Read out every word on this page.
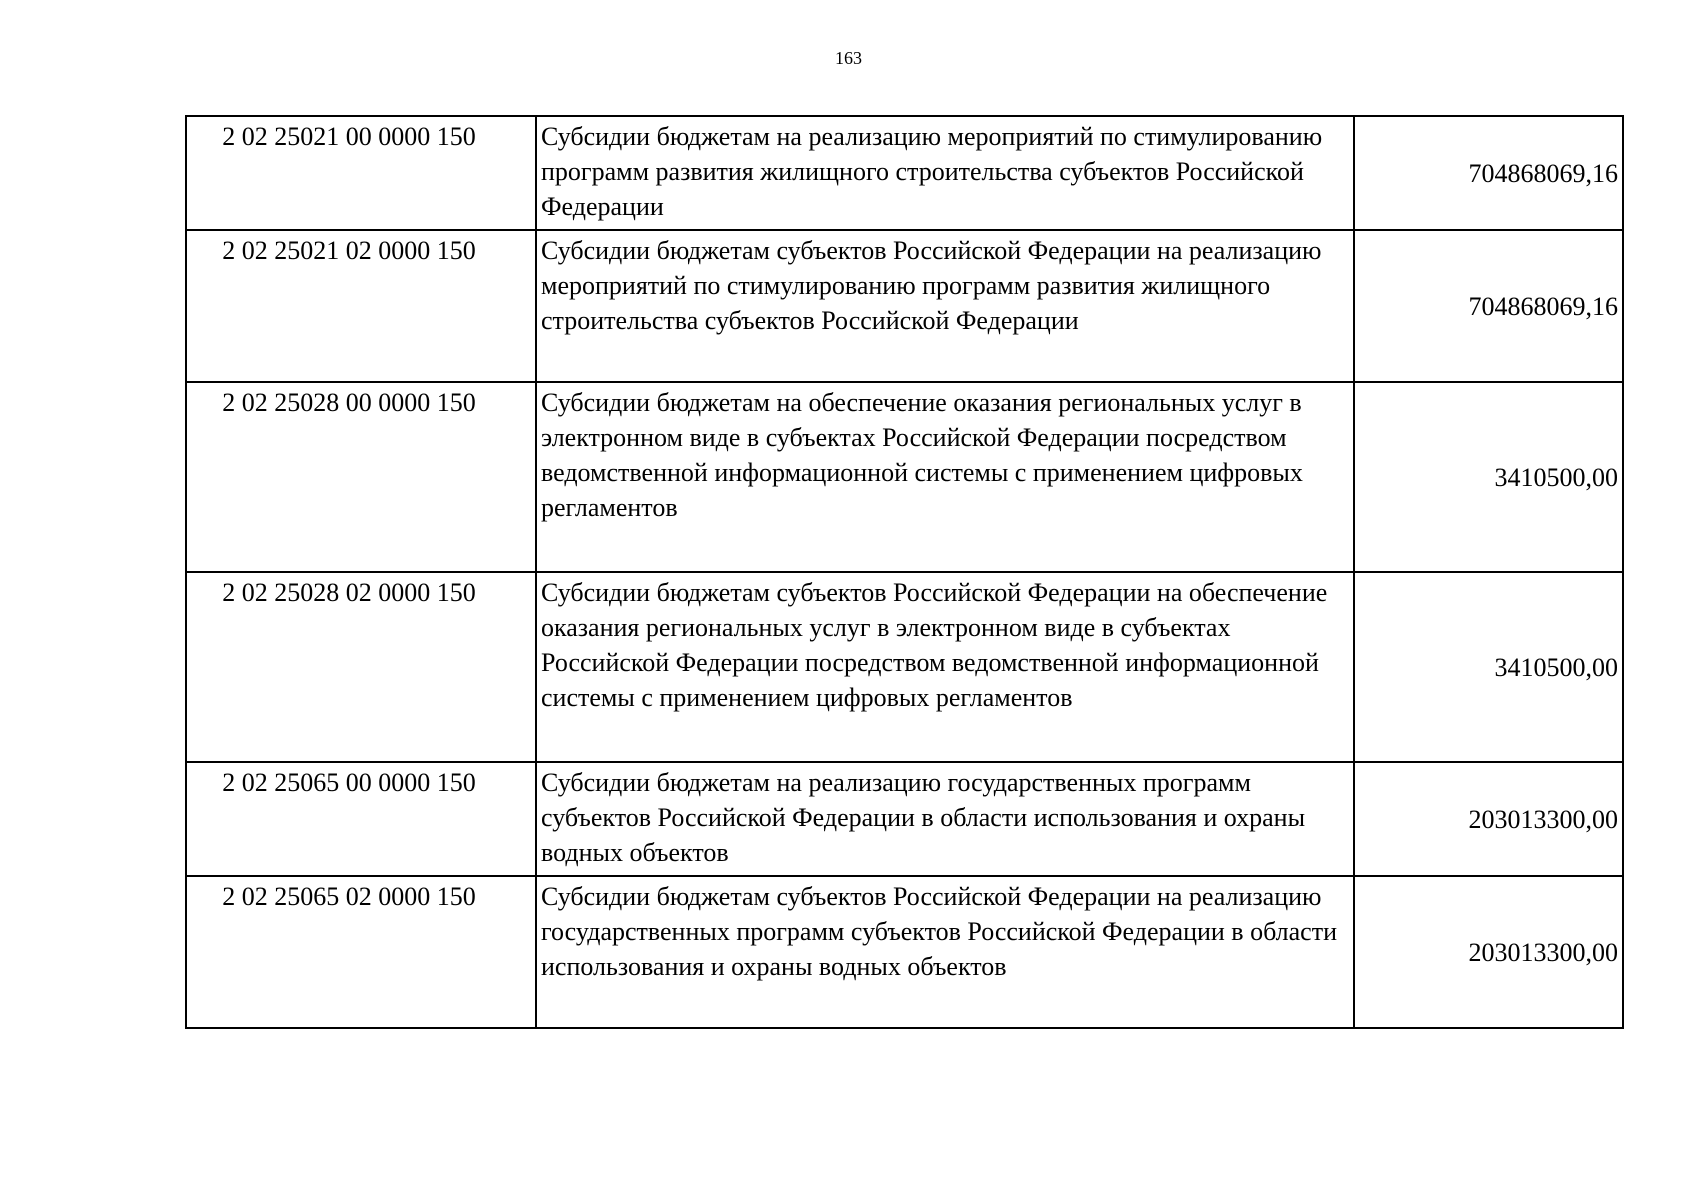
163
2 02 25021 00 0000 150	Субсидии бюджетам на реализацию мероприятий по стимулированию программ развития жилищного строительства субъектов Российской Федерации	704868069,16
2 02 25021 02 0000 150	Субсидии бюджетам субъектов Российской Федерации на реализацию мероприятий по стимулированию программ развития жилищного строительства субъектов Российской Федерации	704868069,16
2 02 25028 00 0000 150	Субсидии бюджетам на обеспечение оказания региональных услуг в электронном виде в субъектах Российской Федерации посредством ведомственной информационной системы с применением цифровых регламентов	3410500,00
2 02 25028 02 0000 150	Субсидии бюджетам субъектов Российской Федерации на обеспечение оказания региональных услуг в электронном виде в субъектах Российской Федерации посредством ведомственной информационной системы с применением цифровых регламентов	3410500,00
2 02 25065 00 0000 150	Субсидии бюджетам на реализацию государственных программ субъектов Российской Федерации в области использования и охраны водных объектов	203013300,00
2 02 25065 02 0000 150	Субсидии бюджетам субъектов Российской Федерации на реализацию государственных программ субъектов Российской Федерации в области использования и охраны водных объектов	203013300,00
